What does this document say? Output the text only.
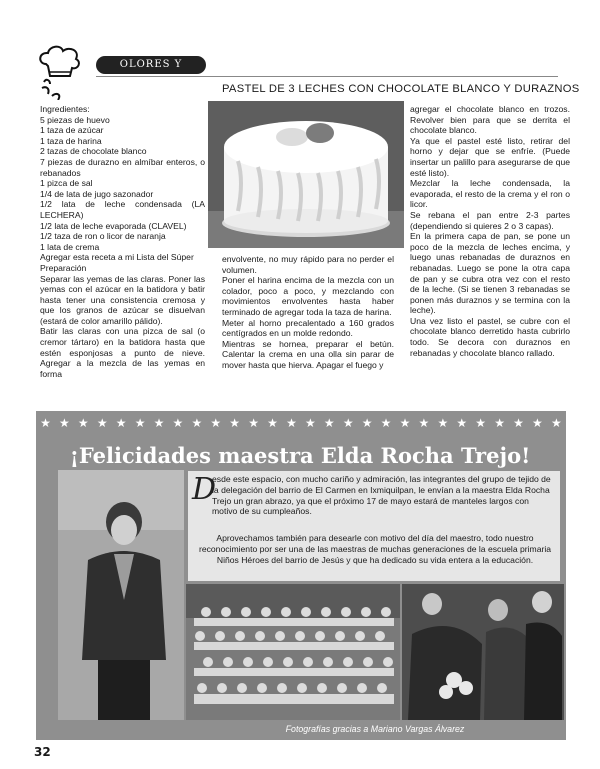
OLORES Y SABORES
PASTEL DE 3 LECHES CON CHOCOLATE BLANCO Y DURAZNOS

Ingredientes:

5 piezas de huevo

1 taza de azúcar

1 taza de harina

2 tazas de chocolate blanco

7 piezas de durazno en almíbar enteros, o rebanados

1 pizca de sal

1/4 de lata de jugo sazonador

1/2 lata de leche condensada (LA LECHERA)

1/2 lata de leche evaporada (CLAVEL)

1/2 taza de ron o licor de naranja

1 lata de crema

Agregar esta receta a mi Lista del Súper

Preparación

Separar las yemas de las claras. Poner las yemas con el azúcar en la batidora y batir hasta tener una consistencia cremosa y que los granos de azúcar se disuelvan (estará de color amarillo pálido).

Batir las claras con una pizca de sal (o cremor tártaro) en la batidora hasta que estén esponjosas a punto de nieve. Agregar a la mezcla de las yemas en forma

envolvente, no muy rápido para no perder el volumen.

Poner el harina encima de la mezcla con un colador, poco a poco, y mezclando con movimientos envolventes hasta haber terminado de agregar toda la taza de harina.

Meter al horno precalentado a 160 grados centígrados en un molde redondo.

Mientras se hornea, preparar el betún. Calentar la crema en una olla sin parar de mover hasta que hierva. Apagar el fuego y

agregar el chocolate blanco en trozos. Revolver bien para que se derrita el chocolate blanco.

Ya que el pastel esté listo, retirar del horno y dejar que se enfríe. (Puede insertar un palillo para asegurarse de que esté listo).

Mezclar la leche condensada, la evaporada, el resto de la crema y el ron o licor.

Se rebana el pan entre 2-3 partes (dependiendo si quieres 2 o 3 capas).

En la primera capa de pan, se pone un poco de la mezcla de leches encima, y luego unas rebanadas de duraznos en rebanadas. Luego se pone la otra capa de pan y se cubra otra vez con el resto de la leche. (Si se tienen 3 rebanadas se ponen más duraznos y se termina con la leche).

Una vez listo el pastel, se cubre con el chocolate blanco derretido hasta cubrirlo todo. Se decora con duraznos en rebanadas y chocolate blanco rallado.

★ ★ ★ ★ ★ ★ ★ ★ ★ ★ ★ ★ ★ ★ ★ ★ ★ ★ ★ ★ ★ ★ ★ ★ ★ ★ ★ ★
¡Felicidades maestra Elda Rocha Trejo!
D
esde este espacio, con mucho cariño y admiración, las integrantes del grupo de tejido de la delegación del barrio de El Carmen en Ixmiquilpan, le envían a la maestra Elda Rocha Trejo un gran abrazo, ya que el próximo 17 de mayo estará de manteles largos con motivo de su cumpleaños.
Aprovechamos también para desearle con motivo del día del maestro, todo nuestro reconocimiento por ser una de las maestras de muchas generaciones de la escuela primaria Niños Héroes del barrio de Jesús y que ha dedicado su vida entera a la educación.
Fotografías gracias a Mariano Vargas Álvarez
32
